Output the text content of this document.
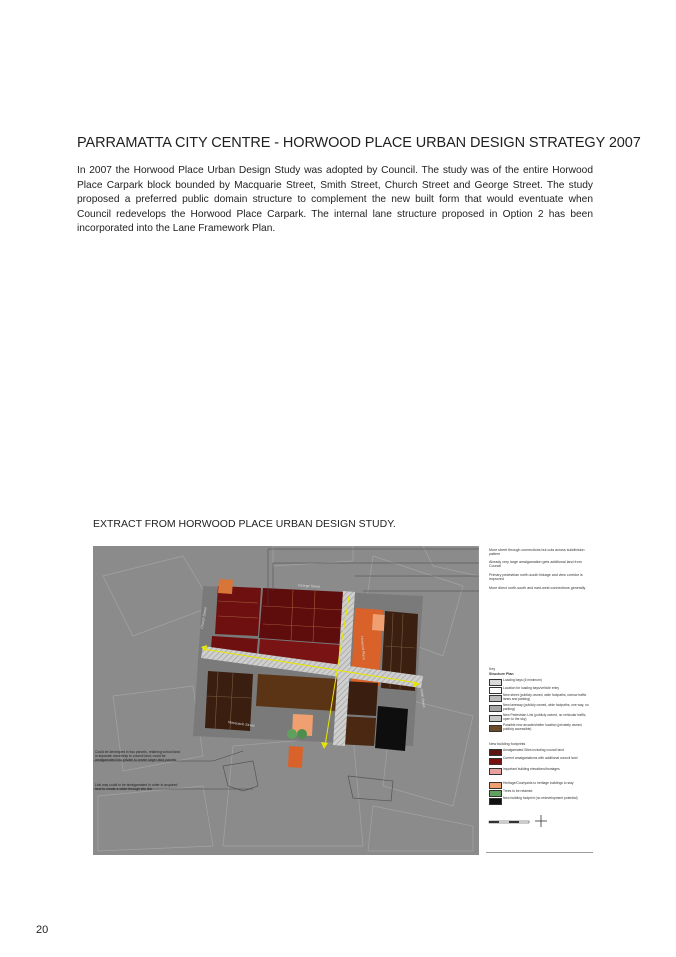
PARRAMATTA CITY CENTRE - HORWOOD PLACE URBAN DESIGN STRATEGY 2007
In 2007 the Horwood Place Urban Design Study was adopted by Council. The study was of the entire Horwood Place Carpark block bounded by Macquarie Street, Smith Street, Church Street and George Street. The study proposed a preferred public domain structure to complement the new built form that would eventuate when Council redevelops the Horwood Place Carpark. The internal lane structure proposed in Option 2 has been incorporated into the Lane Framework Plan.
EXTRACT FROM HORWOOD PLACE URBAN DESIGN STUDY.
George Street
Church Street
Macquarie Street
Smith Street
Horwood Place
Could be developed in two parcels, retaining school land in separate ownership to council land; could be amalgamated into private to create larger land parcels
Link way could to be amalgamated in order to acquired land to create a wider through site link
More street through connections but cuts across subdivision pattern
Already very large amalgamation gets additional land from Council
Primary pedestrian north-south linkage and view corridor is improved
More direct north-south and east-west connections generally
Key
Structure Plan
Loading bays (6 minimum)
Location for loading bays/vehicle entry
New street (publicly owned, wide footpaths, narrow traffic lanes and parking)
New laneway (publicly owned, wide footpaths, one way, no parking)
New Pedestrian Link (publicly owned, no vehicular traffic, open to the sky)
Possible new arcade/shelter location (privately owned, publicly accessible)
New building footprints
Amalgamated Sites including council land
Current amalgamations with additional council land
Important building elevations/frontages
Heritage/Courtyards to heritage buildings to stay
Trees to be retained
New building footprint (no redevelopment potential)
20
